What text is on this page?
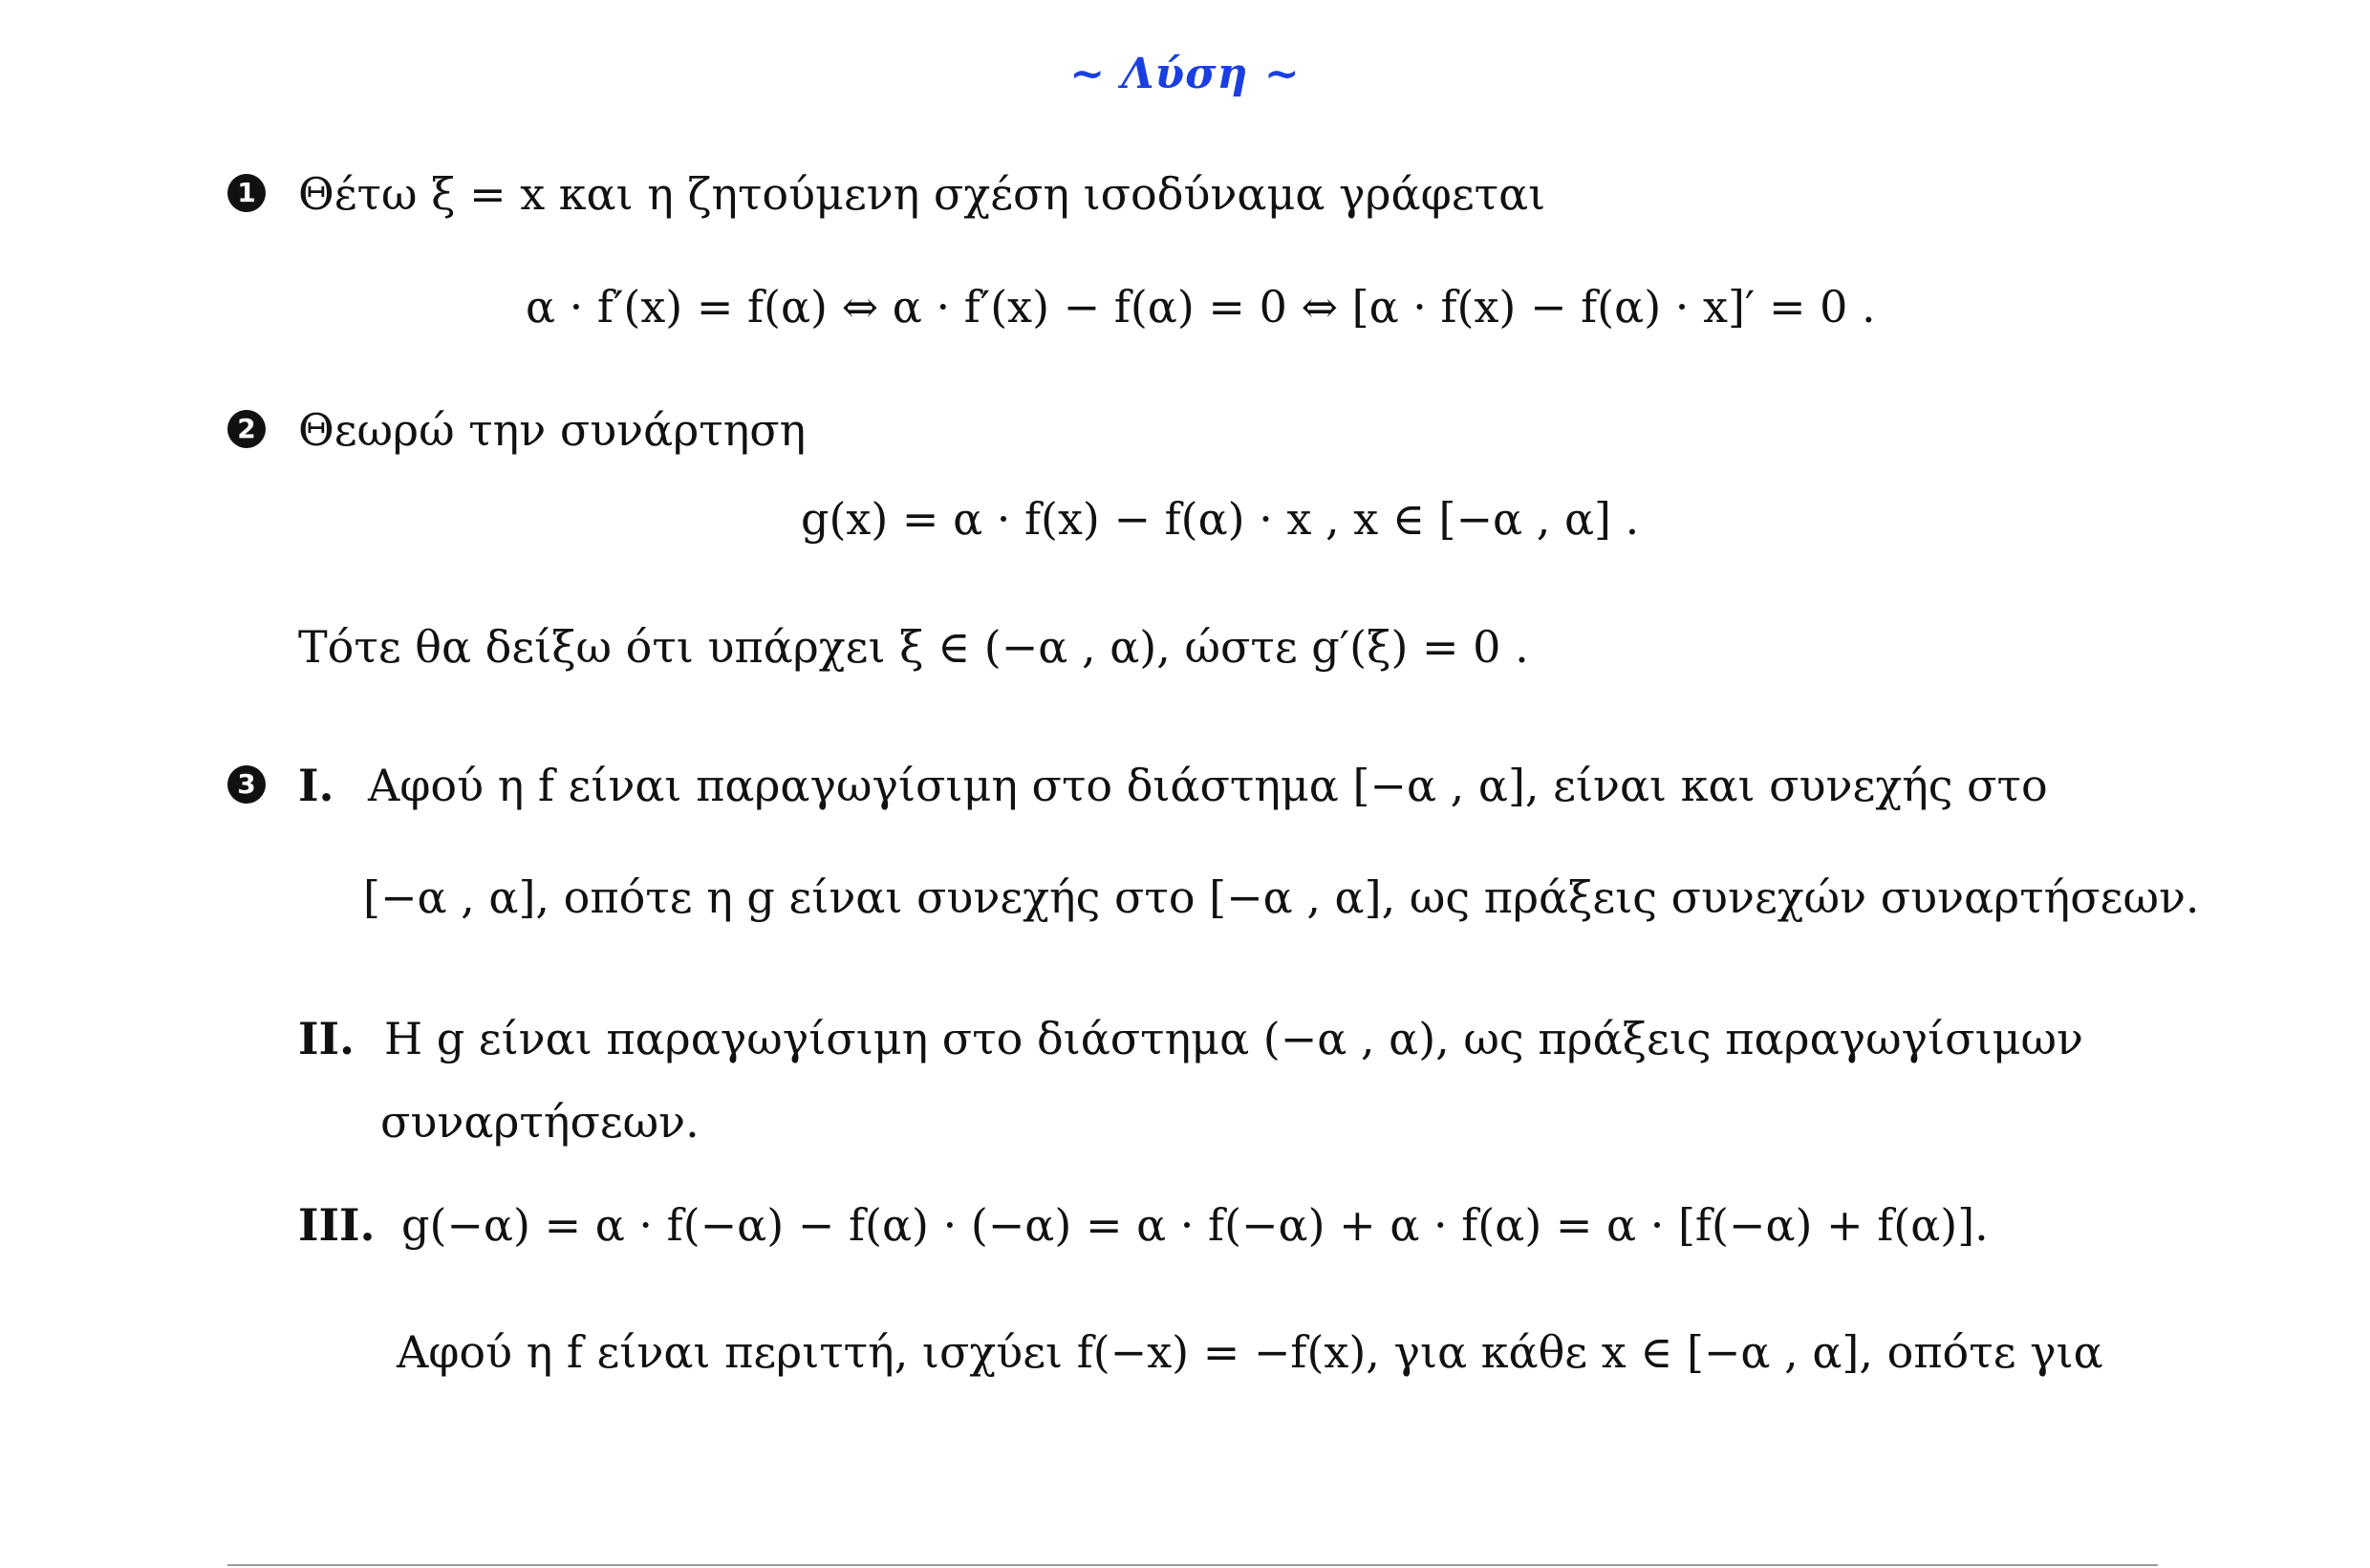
~ Λύση ~
1 Θέτω ξ = x και η ζητούμενη σχέση ισοδύναμα γράφεται
α · f′(x) = f(α) ⇔ α · f′(x) − f(α) = 0 ⇔ [α · f(x) − f(α) · x]′ = 0 .
2 Θεωρώ την συνάρτηση
g(x) = α · f(x) − f(α) · x , x ∈ [−α , α] .
Τότε θα δείξω ότι υπάρχει ξ ∈ (−α , α), ώστε g′(ξ) = 0 .
3 I. Αφού η f είναι παραγωγίσιμη στο διάστημα [−α , α], είναι και συνεχής στο
[−α , α], οπότε η g είναι συνεχής στο [−α , α], ως πράξεις συνεχών συναρτήσεων.
II. Η g είναι παραγωγίσιμη στο διάστημα (−α , α), ως πράξεις παραγωγίσιμων
συναρτήσεων.
III. g(−α) = α · f(−α) − f(α) · (−α) = α · f(−α) + α · f(α) = α · [f(−α) + f(α)].
Αφού η f είναι περιττή, ισχύει f(−x) = −f(x), για κάθε x ∈ [−α , α], οπότε για
